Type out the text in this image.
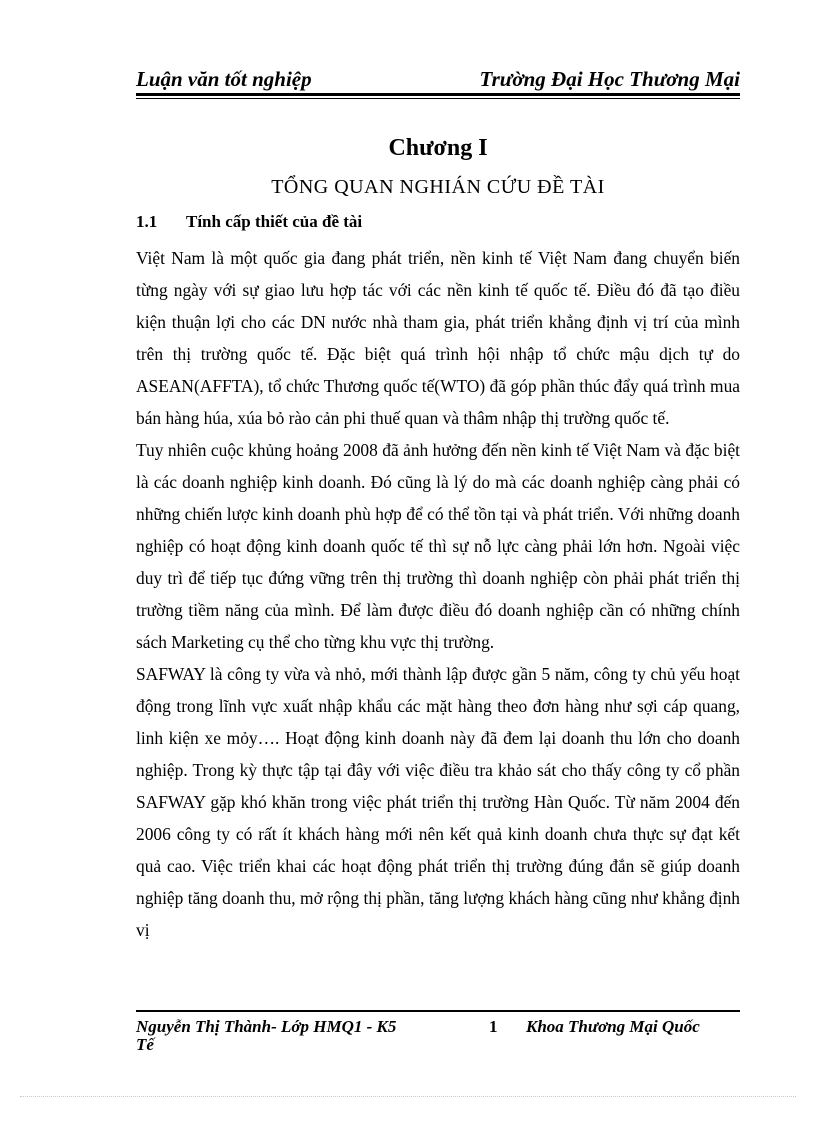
Luận văn tốt nghiệp	Trường Đại Học Thương Mại
Chương I
TỔNG QUAN NGHIÁN CỨU ĐỀ TÀI
1.1 Tính cấp thiết của đề tài

Việt Nam là một quốc gia đang phát triển, nền kinh tế Việt Nam đang chuyển biến từng ngày với sự giao lưu hợp tác với các nền kinh tế quốc tế. Điều đó đã tạo điều kiện thuận lợi cho các DN nước nhà tham gia, phát triển khẳng định vị trí của mình trên thị trường quốc tế. Đặc biệt quá trình hội nhập tổ chức mậu dịch tự do ASEAN(AFFTA), tổ chức Thương quốc tế(WTO) đã góp phần thúc đẩy quá trình mua bán hàng húa, xúa bỏ rào cản phi thuế quan và thâm nhập thị trường quốc tế.

Tuy nhiên cuộc khủng hoảng 2008 đã ảnh hưởng đến nền kinh tế Việt Nam và đặc biệt là các doanh nghiệp kinh doanh. Đó cũng là lý do mà các doanh nghiệp càng phải có những chiến lược kinh doanh phù hợp để có thể tồn tại và phát triển. Với những doanh nghiệp có hoạt động kinh doanh quốc tế thì sự nỗ lực càng phải lớn hơn. Ngoài việc duy trì để tiếp tục đứng vững trên thị trường thì doanh nghiệp còn phải phát triển thị trường tiềm năng của mình. Để làm được điều đó doanh nghiệp cần có những chính sách Marketing cụ thể cho từng khu vực thị trường.

SAFWAY là công ty vừa và nhỏ, mới thành lập được gần 5 năm, công ty chủ yếu hoạt động trong lĩnh vực xuất nhập khẩu các mặt hàng theo đơn hàng như sợi cáp quang, linh kiện xe mỏy…. Hoạt động kinh doanh này đã đem lại doanh thu lớn cho doanh nghiệp. Trong kỳ thực tập tại đây với việc điều tra khảo sát cho thấy công ty cổ phần SAFWAY gặp khó khăn trong việc phát triển thị trường Hàn Quốc. Từ năm 2004 đến 2006 công ty có rất ít khách hàng mới nên kết quả kinh doanh chưa thực sự đạt kết quả cao. Việc triển khai các hoạt động phát triển thị trường đúng đắn sẽ giúp doanh nghiệp tăng doanh thu, mở rộng thị phần, tăng lượng khách hàng cũng như khẳng định vị

Nguyễn Thị Thành- Lớp HMQ1 - K5	1 Khoa Thương Mại Quốc
Tế
